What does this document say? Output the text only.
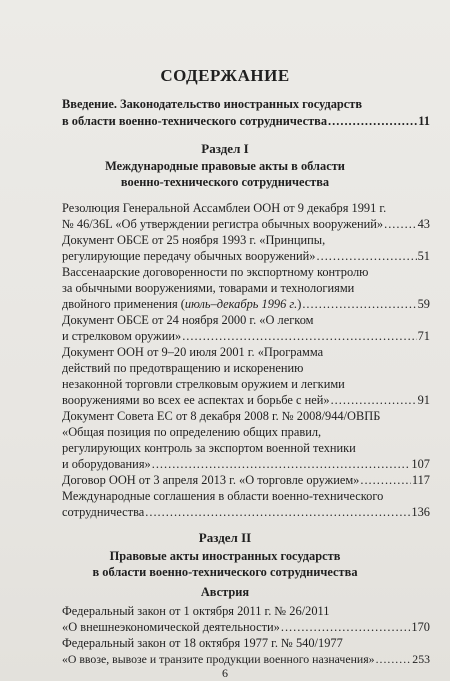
СОДЕРЖАНИЕ
Введение. Законодательство иностранных государств
в области военно-технического сотрудничества .....	11
Раздел I
Международные правовые акты в области
военно-технического сотрудничества
Резолюция Генеральной Ассамблеи ООН от 9 декабря 1991 г.
№ 46/36L «Об утверждении регистра обычных вооружений» .....	43
Документ ОБСЕ от 25 ноября 1993 г. «Принципы,
регулирующие передачу обычных вооружений» .....	51
Вассенаарские договоренности по экспортному контролю
за обычными вооружениями, товарами и технологиями
двойного применения (июль–декабрь 1996 г.) .....	59
Документ ОБСЕ от 24 ноября 2000 г. «О легком
и стрелковом оружии» .....	71
Документ ООН от 9–20 июля 2001 г. «Программа
действий по предотвращению и искоренению
незаконной торговли стрелковым оружием и легкими
вооружениями во всех ее аспектах и борьбе с ней» .....	91
Документ Совета ЕС от 8 декабря 2008 г. № 2008/944/ОВПБ
«Общая позиция по определению общих правил,
регулирующих контроль за экспортом военной техники
и оборудования» .....	107
Договор ООН от 3 апреля 2013 г. «О торговле оружием» .....	117
Международные соглашения в области военно-технического
сотрудничества .....	136
Раздел II
Правовые акты иностранных государств
в области военно-технического сотрудничества
Австрия
Федеральный закон от 1 октября 2011 г. № 26/2011
«О внешнеэкономической деятельности» .....	170
Федеральный закон от 18 октября 1977 г. № 540/1977
«О ввозе, вывозе и транзите продукции военного назначения» .....	253
6
